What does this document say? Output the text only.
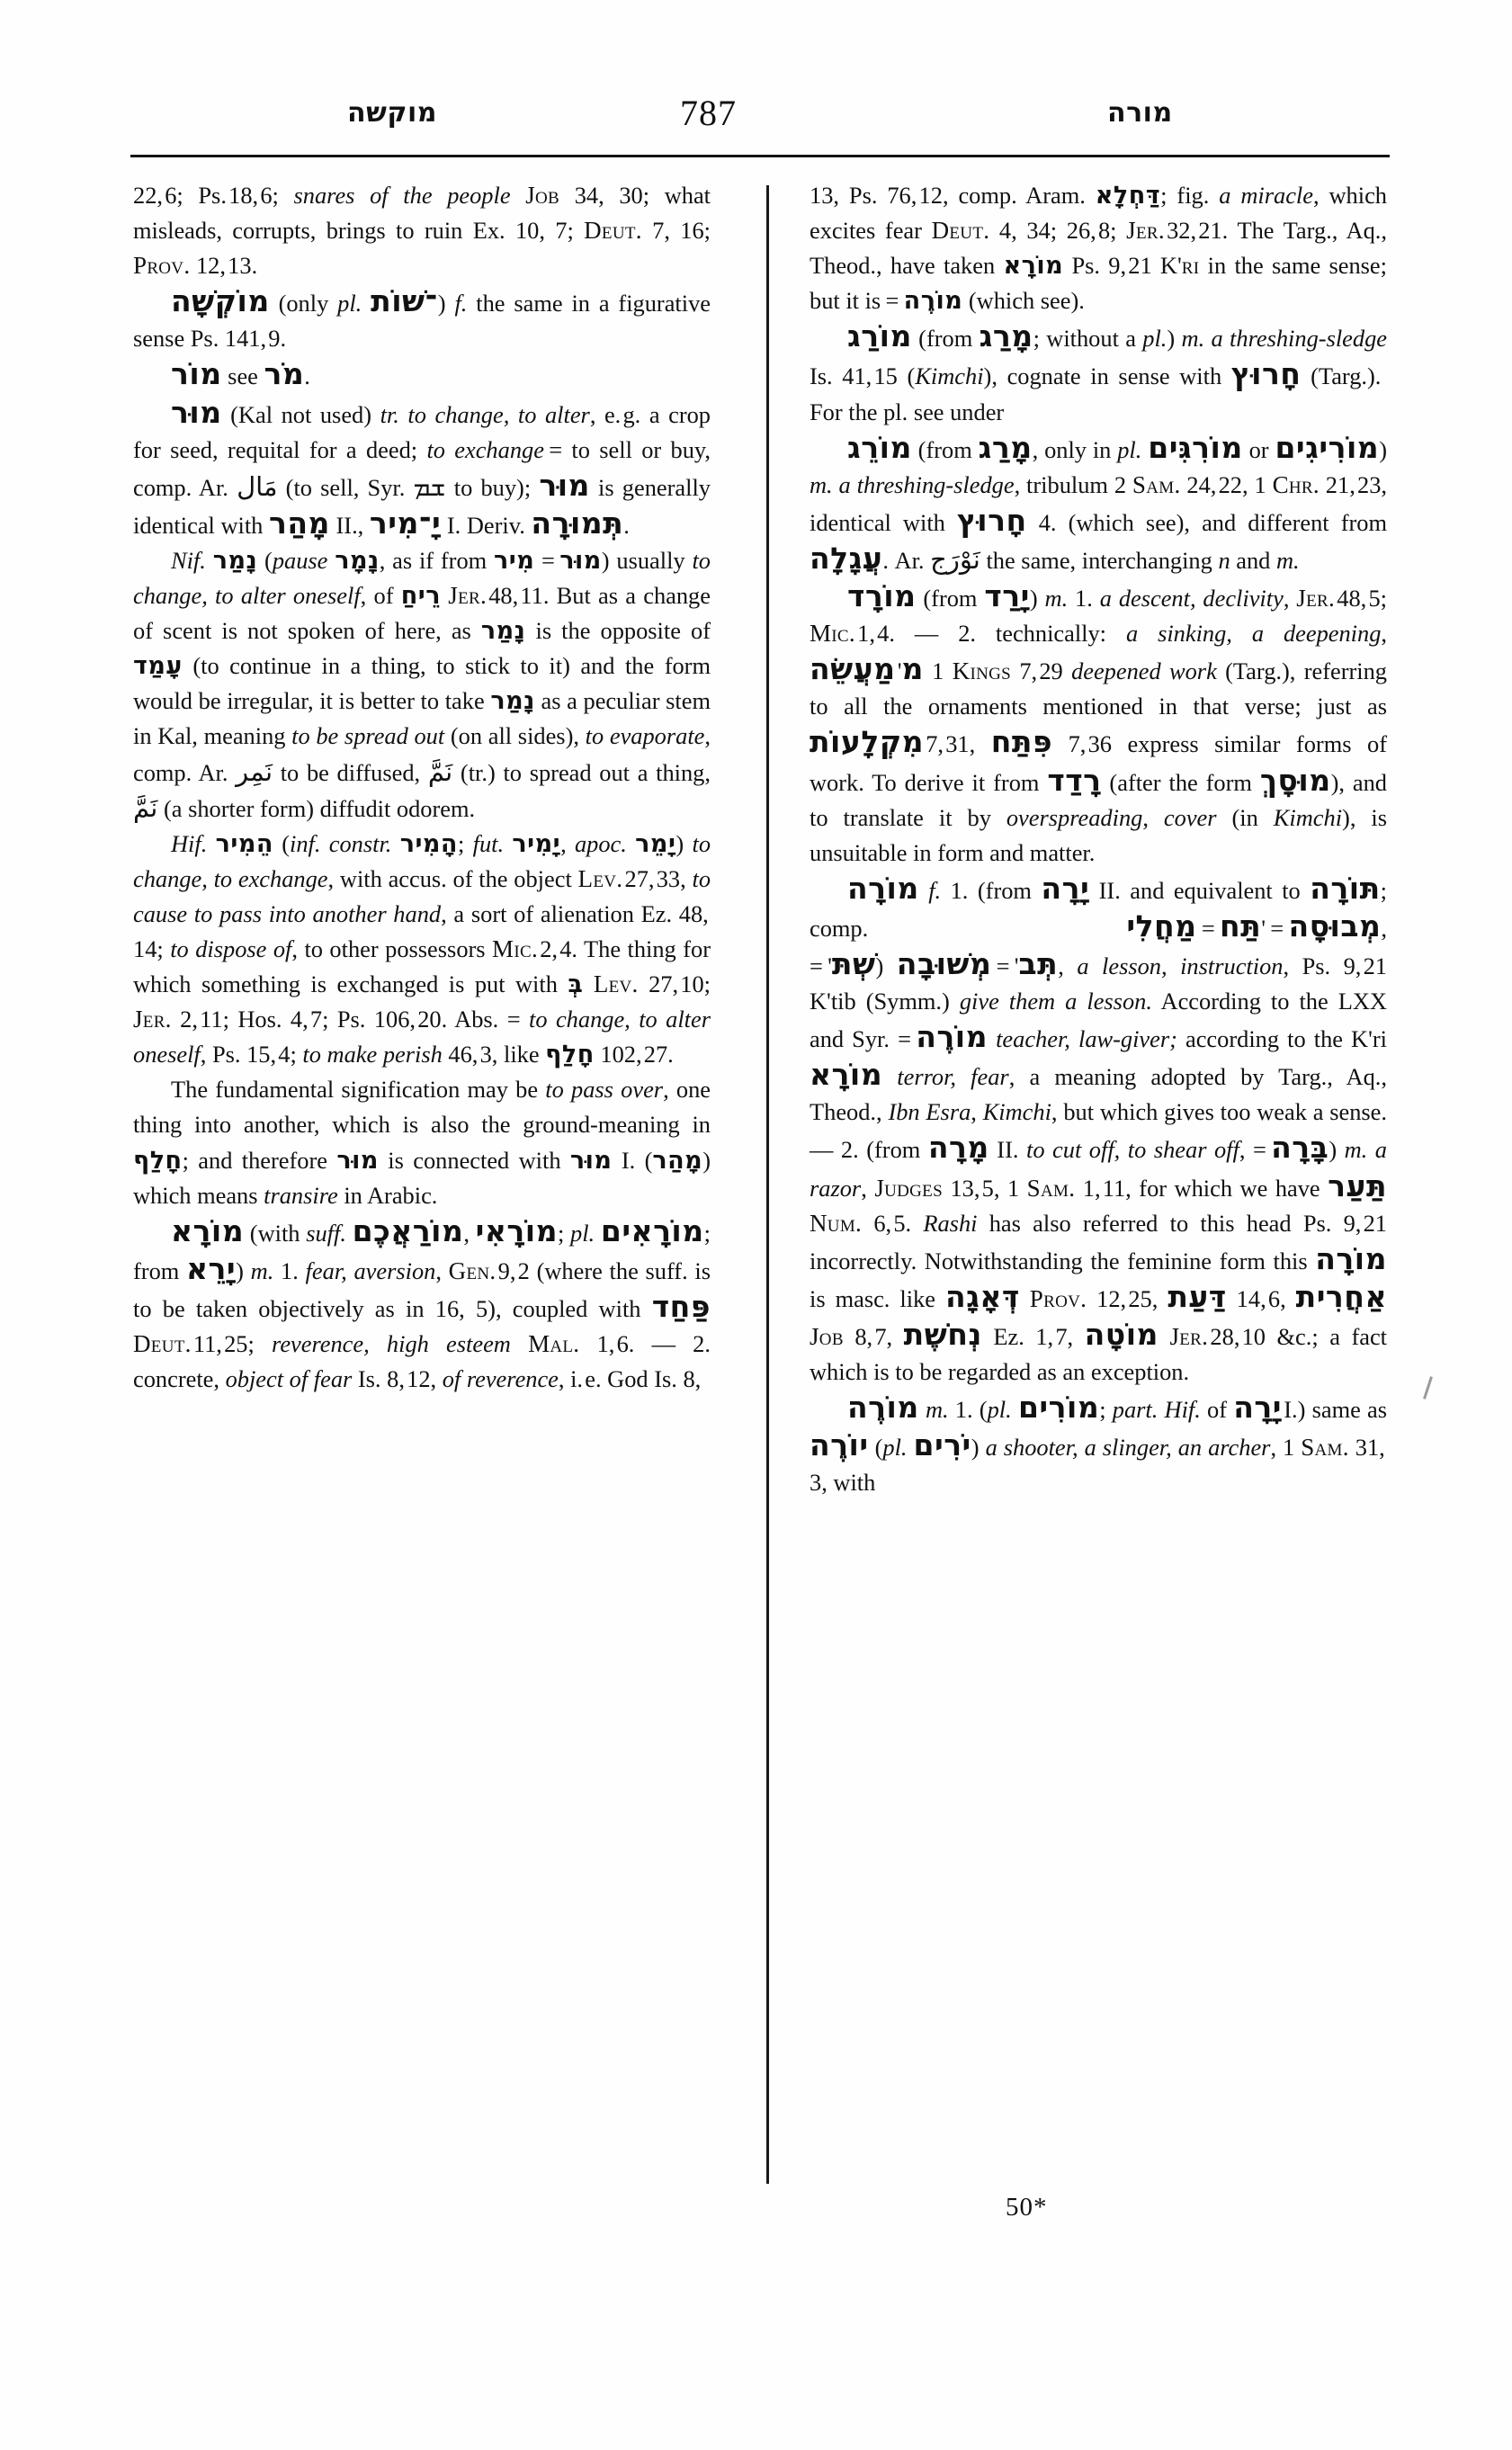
מוקשה	787	מורה

22, 6; Ps. 18, 6; snares of the people Job 34, 30; what misleads, corrupts, brings to ruin Ex. 10, 7; Deut. 7, 16; Prov. 12, 13.

מוֹקְשָׁה (only pl. ־שׁוֹת) f. the same in a figurative sense Ps. 141, 9.

מוֹר see מֹר.

מוּר (Kal not used) tr. to change, to alter, e. g. a crop for seed, requital for a deed; to exchange = to sell or buy, comp. Ar. مَال (to sell, Syr. ܫܡ to buy); מוּר is generally identical with מָהַר II., יָ־מִיר I. Deriv. תְּמוּרָה.

Nif. נָמַר (pause נָמָר, as if from מִיר = מוּר) usually to change, to alter oneself, of רֵיחַ Jer. 48, 11. But as a change of scent is not spoken of here, as נָמַר is the opposite of עָמַד (to continue in a thing, to stick to it) and the form would be irregular, it is better to take נָמַר as a peculiar stem in Kal, meaning to be spread out (on all sides), to evaporate, comp. Ar. نَمِر to be diffused, نَمَّ (tr.) to spread out a thing, نَمَّ (a shorter form) diffudit odorem.

Hif. הֵמִיר (inf. constr. הָמִיר; fut. יָמִיר, apoc. יָמֵר) to change, to exchange, with accus. of the object Lev. 27, 33, to cause to pass into another hand, a sort of alienation Ez. 48, 14; to dispose of, to other possessors Mic. 2, 4. The thing for which something is exchanged is put with בְּ Lev. 27, 10; Jer. 2, 11; Hos. 4, 7; Ps. 106, 20. Abs. = to change, to alter oneself, Ps. 15, 4; to make perish 46, 3, like חָלַף 102, 27.

The fundamental signification may be to pass over, one thing into another, which is also the ground-meaning in חָלַף; and therefore מוּר is connected with מוּר I. (מָהַר) which means transire in Arabic.

מוֹרָא (with suff. מוֹרַאֲכֶם, מוֹרָאִי; pl. מוֹרָאִים; from יָרֵא) m. 1. fear, aversion, Gen. 9, 2 (where the suff. is to be taken objectively as in 16, 5), coupled with פַּחַד Deut. 11, 25; reverence, high esteem Mal. 1, 6. — 2. concrete, object of fear Is. 8, 12, of reverence, i. e. God Is. 8,

13, Ps. 76, 12, comp. Aram. דַּחְלָא; fig. a miracle, which excites fear Deut. 4, 34; 26, 8; Jer. 32, 21. The Targ., Aq., Theod., have taken מוֹרָא Ps. 9, 21 K'ri in the same sense; but it is = מוֹרֶה (which see).

מוֹרַג (from מָרַג; without a pl.) m. a threshing-sledge Is. 41, 15 (Kimchi), cognate in sense with חָרוּץ (Targ.).  For the pl. see under

מוֹרֵג (from מָרַג, only in pl. מוֹרִגִּים or מוֹרִיגִים) m. a threshing-sledge, tribulum 2 Sam. 24, 22, 1 Chr. 21, 23, identical with חָרוּץ 4. (which see), and different from עֲגָלָה. Ar. نَوْرَج the same, interchanging n and m.

מוֹרָד (from יָרַד) m. 1. a descent, declivity, Jer. 48, 5; Mic. 1, 4. — 2. technically: a sinking, a deepening, מַעֲשֵׂה 'מ 1 Kings 7, 29 deepened work (Targ.), referring to all the ornaments mentioned in that verse; just as מִקְלָעוֹת 7, 31, פִּתַּח 7, 36 express similar forms of work. To derive it from רָדַד (after the form מוּסָךְ), and to translate it by overspreading, cover (in Kimchi), is unsuitable in form and matter.

מוֹרָה f. 1. (from יָרָה II. and equivalent to תּוֹרָה; comp. מַחֲלִי = תַּח' = מְבוּסָה, = 'שְׁתּ) מְשׁוּבָה = 'תְּב, a lesson, instruction, Ps. 9, 21 K'tib (Symm.) give them a lesson. According to the LXX and Syr. = מוֹרֶה teacher, law-giver; according to the K'ri מוֹרָא terror, fear, a meaning adopted by Targ., Aq., Theod., Ibn Esra, Kimchi, but which gives too weak a sense. — 2. (from מָרָה II. to cut off, to shear off, = בָּרָה) m. a razor, Judges 13, 5, 1 Sam. 1, 11, for which we have תַּעַר Num. 6, 5. Rashi has also referred to this head Ps. 9, 21 incorrectly. Notwithstanding the feminine form this מוֹרָה is masc. like דְּאָגָה Prov. 12, 25, דַּעַת 14, 6, אַחֲרִית Job 8, 7, נְחֹשֶׁת Ez. 1, 7, מוֹטָה Jer. 28, 10 &c.; a fact which is to be regarded as an exception.

מוֹרֶה m. 1. (pl. מוֹרִים; part. Hif. of יָרָה I.) same as יוֹרֶה (pl. יֹרִים) a shooter, a slinger, an archer, 1 Sam. 31, 3, with

50*
